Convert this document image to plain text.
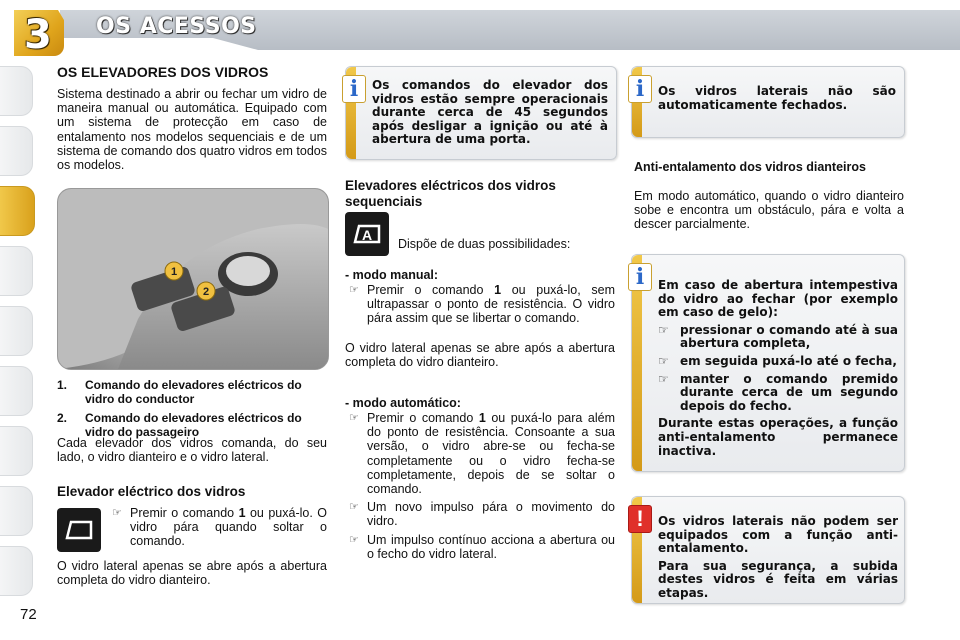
3 OS ACESSOS
OS ELEVADORES DOS VIDROS
Sistema destinado a abrir ou fechar um vidro de maneira manual ou automática. Equipado com um sistema de protecção em caso de entalamento nos modelos sequenciais e de um sistema de comando dos quatro vidros em todos os modelos.
1
2
1. Comando do elevadores eléctricos do vidro do conductor
2. Comando do elevadores eléctricos do vidro do passageiro
Cada elevador dos vidros comanda, do seu lado, o vidro dianteiro e o vidro lateral.
Elevador eléctrico dos vidros
☞ Premir o comando 1 ou puxá-lo. O vidro pára quando soltar o comando.
O vidro lateral apenas se abre após a abertura completa do vidro dianteiro.
72
i	Os comandos do elevador dos vidros estão sempre operacionais durante cerca de 45 segundos após desligar a ignição ou até à abertura de uma porta.
Elevadores eléctricos dos vidros sequenciais
A
Dispõe de duas possibilidades:
- modo manual:
☞ Premir o comando 1 ou puxá-lo, sem ultrapassar o ponto de resistência. O vidro pára assim que se libertar o comando.
O vidro lateral apenas se abre após a abertura completa do vidro dianteiro.
- modo automático:
☞ Premir o comando 1 ou puxá-lo para além do ponto de resistência. Consoante a sua versão, o vidro abre-se ou fecha-se completamente ou o vidro fecha-se completamente, depois de se soltar o comando.
☞ Um novo impulso pára o movimento do vidro.
☞ Um impulso contínuo acciona a abertura ou o fecho do vidro lateral.
i	Os vidros laterais não são automaticamente fechados.
Anti-entalamento dos vidros dianteiros
Em modo automático, quando o vidro dianteiro sobe e encontra um obstáculo, pára e volta a descer parcialmente.
i	Em caso de abertura intempestiva do vidro ao fechar (por exemplo em caso de gelo):

☞ pressionar o comando até à sua abertura completa,
☞ em seguida puxá-lo até o fecha,
☞ manter o comando premido durante cerca de um segundo depois do fecho.

Durante estas operações, a função anti-entalamento permanece inactiva.

!	Os vidros laterais não podem ser equipados com a função anti-entalamento.

Para sua segurança, a subida destes vidros é feita em várias etapas.
